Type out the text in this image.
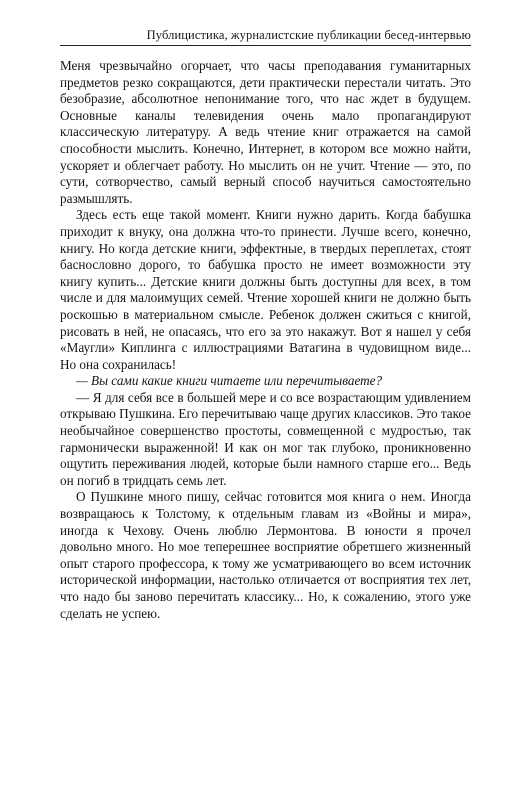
Публицистика, журналистские публикации бесед-интервью

Меня чрезвычайно огорчает, что часы преподавания гуманитарных предметов резко сокращаются, дети практически перестали читать. Это безобразие, абсолютное непонимание того, что нас ждет в будущем. Основные каналы телевидения очень мало пропагандируют классическую литературу. А ведь чтение книг отражается на самой способности мыслить. Конечно, Интернет, в котором все можно найти, ускоряет и облегчает работу. Но мыслить он не учит. Чтение — это, по сути, сотворчество, самый верный способ научиться самостоятельно размышлять.

Здесь есть еще такой момент. Книги нужно дарить. Когда бабушка приходит к внуку, она должна что-то принести. Лучше всего, конечно, книгу. Но когда детские книги, эффектные, в твердых переплетах, стоят баснословно дорого, то бабушка просто не имеет возможности эту книгу купить... Детские книги должны быть доступны для всех, в том числе и для малоимущих семей. Чтение хорошей книги не должно быть роскошью в материальном смысле. Ребенок должен сжиться с книгой, рисовать в ней, не опасаясь, что его за это накажут. Вот я нашел у себя «Маугли» Киплинга с иллюстрациями Ватагина в чудовищном виде... Но она сохранилась!

— Вы сами какие книги читаете или перечитываете?

— Я для себя все в большей мере и со все возрастающим удивлением открываю Пушкина. Его перечитываю чаще других классиков. Это такое необычайное совершенство простоты, совмещенной с мудростью, так гармонически выраженной! И как он мог так глубоко, проникновенно ощутить переживания людей, которые были намного старше его... Ведь он погиб в тридцать семь лет.

О Пушкине много пишу, сейчас готовится моя книга о нем. Иногда возвращаюсь к Толстому, к отдельным главам из «Войны и мира», иногда к Чехову. Очень люблю Лермонтова. В юности я прочел довольно много. Но мое теперешнее восприятие обретшего жизненный опыт старого профессора, к тому же усматривающего во всем источник исторической информации, настолько отличается от восприятия тех лет, что надо бы заново перечитать классику... Но, к сожалению, этого уже сделать не успею.
